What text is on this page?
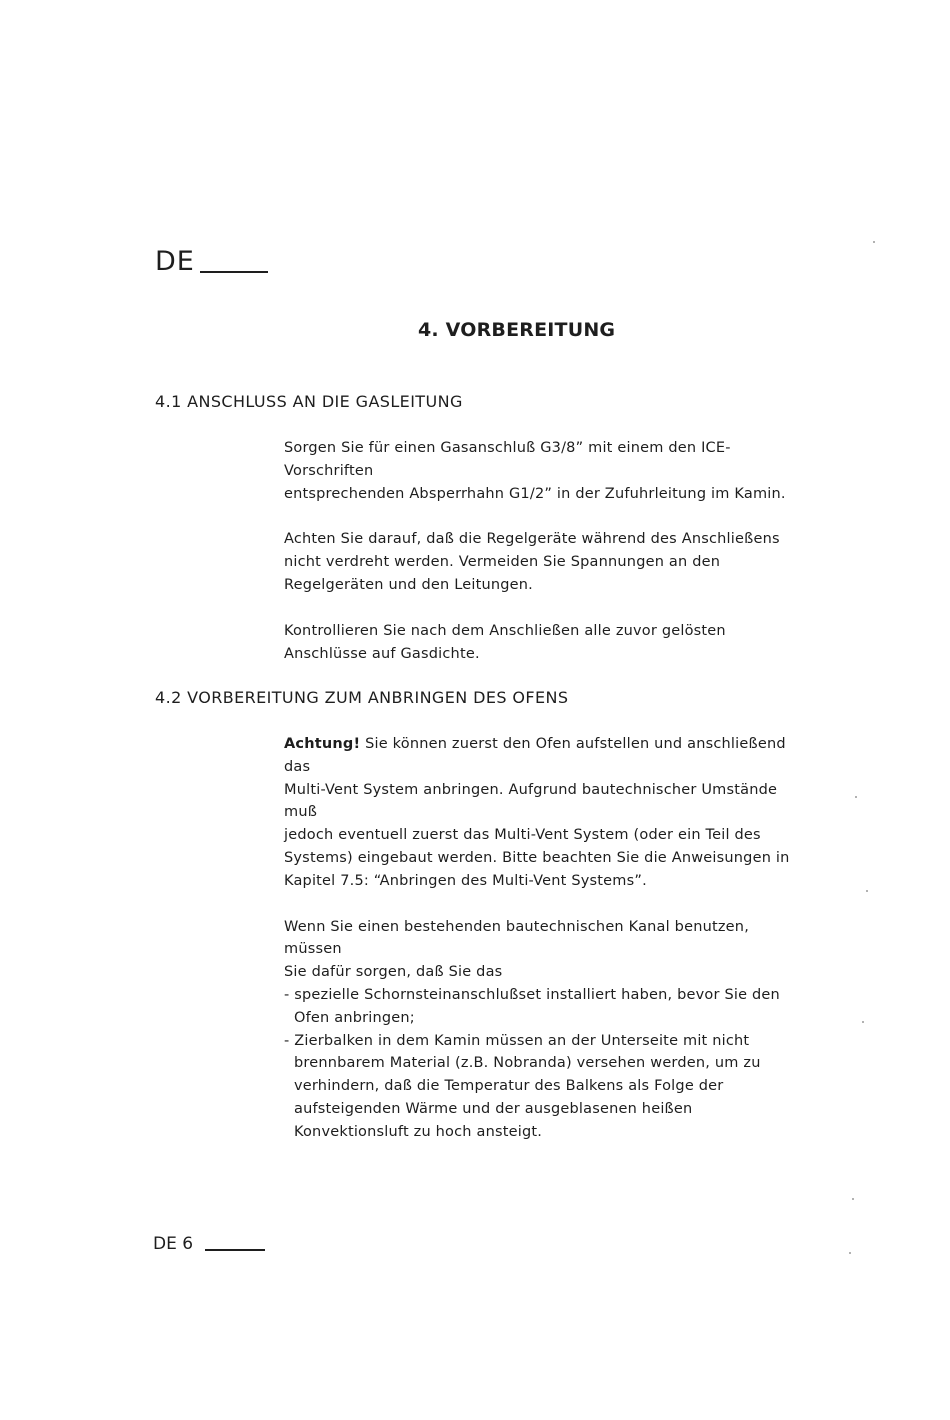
DE
4. VORBEREITUNG
4.1 ANSCHLUSS AN DIE GASLEITUNG

Sorgen Sie für einen Gasanschluß G3/8” mit einem den ICE-Vorschriften
entsprechenden Absperrhahn G1/2” in der Zufuhrleitung im Kamin.

Achten Sie darauf, daß die Regelgeräte während des Anschließens
nicht verdreht werden. Vermeiden Sie Spannungen an den
Regelgeräten und den Leitungen.

Kontrollieren Sie nach dem Anschließen alle zuvor gelösten
Anschlüsse auf Gasdichte.

4.2 VORBEREITUNG ZUM ANBRINGEN DES OFENS

Achtung! Sie können zuerst den Ofen aufstellen und anschließend das
Multi-Vent System anbringen. Aufgrund bautechnischer Umstände muß
jedoch eventuell zuerst das Multi-Vent System (oder ein Teil des
Systems) eingebaut werden. Bitte beachten Sie die Anweisungen in
Kapitel 7.5: “Anbringen des Multi-Vent Systems”.

Wenn Sie einen bestehenden bautechnischen Kanal benutzen, müssen
Sie dafür sorgen, daß Sie das

- spezielle Schornsteinanschlußset installiert haben, bevor Sie den
Ofen anbringen;
- Zierbalken in dem Kamin müssen an der Unterseite mit nicht
brennbarem Material (z.B. Nobranda) versehen werden, um zu
verhindern, daß die Temperatur des Balkens als Folge der
aufsteigenden Wärme und der ausgeblasenen heißen
Konvektionsluft zu hoch ansteigt.
DE 6
